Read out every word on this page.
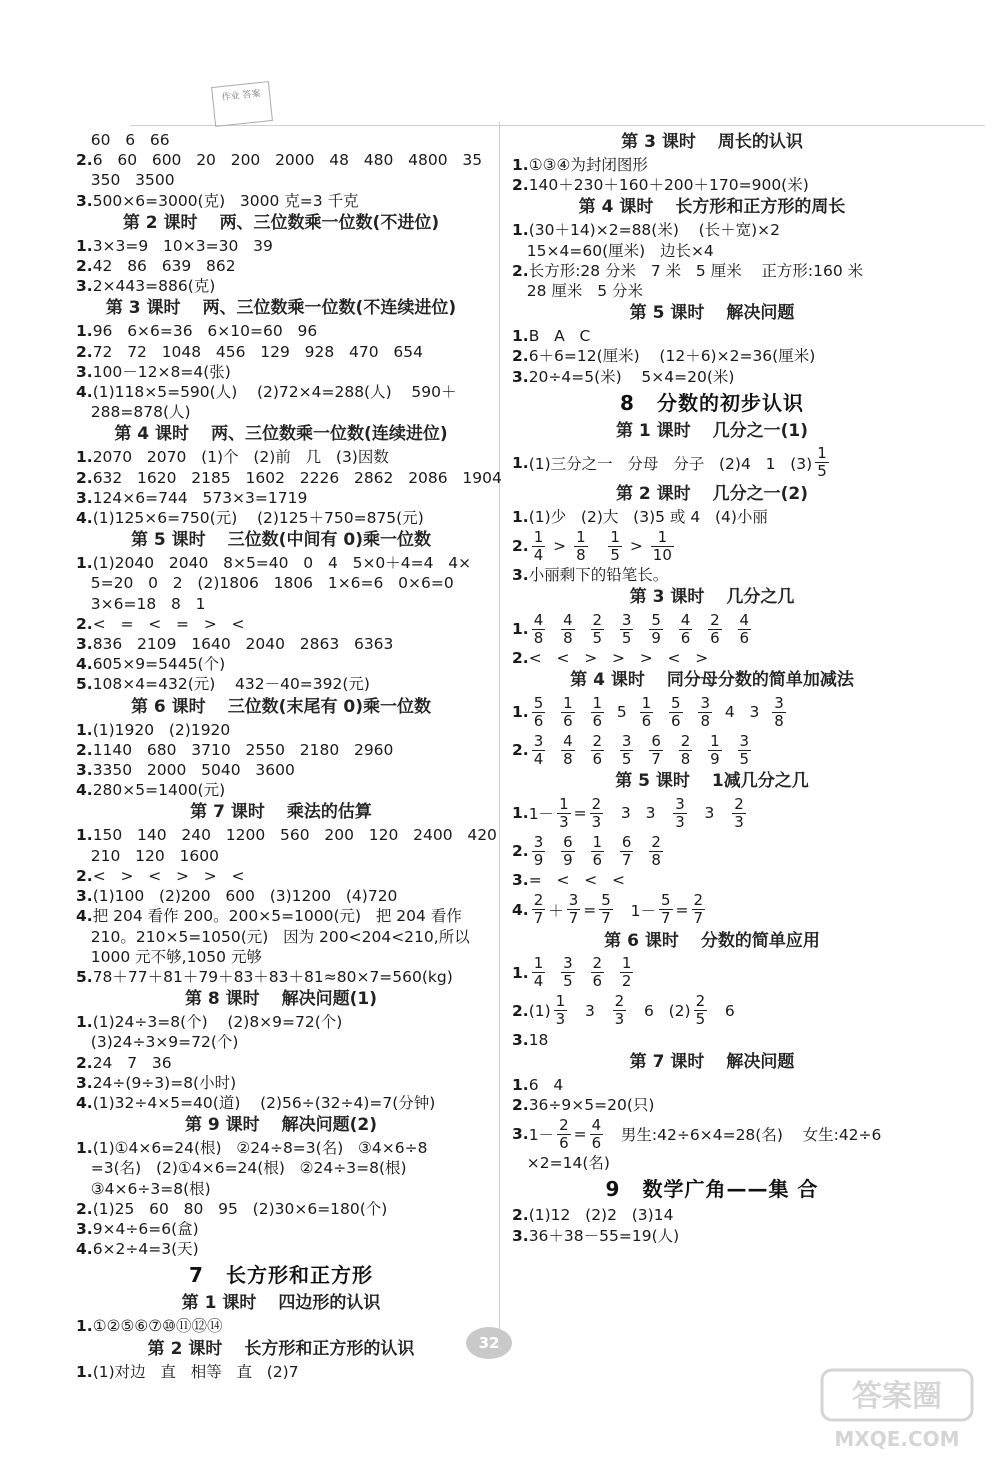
作业 答案
60   6   66
2.6   60   600   20   200   2000   48   480   4800   35
350   3500
3.500×6=3000(克)   3000 克=3 千克
第 2 课时 两、三位数乘一位数(不进位)
1.3×3=9   10×3=30   39
2.42   86   639   862
3.2×443=886(克)
第 3 课时 两、三位数乘一位数(不连续进位)
1.96   6×6=36   6×10=60   96
2.72   72   1048   456   129   928   470   654
3.100－12×8=4(张)
4.(1)118×5=590(人)    (2)72×4=288(人)    590＋
288=878(人)
第 4 课时 两、三位数乘一位数(连续进位)
1.2070   2070   (1)个   (2)前   几   (3)因数
2.632   1620   2185   1602   2226   2862   2086   1904
3.124×6=744   573×3=1719
4.(1)125×6=750(元)    (2)125＋750=875(元)
第 5 课时 三位数(中间有 0)乘一位数
1.(1)2040   2040   8×5=40   0   4   5×0＋4=4   4×
5=20   0   2   (2)1806   1806   1×6=6   0×6=0
3×6=18   8   1
2.<   =   <   =   >   <
3.836   2109   1640   2040   2863   6363
4.605×9=5445(个)
5.108×4=432(元)    432－40=392(元)
第 6 课时 三位数(末尾有 0)乘一位数
1.(1)1920   (2)1920
2.1140   680   3710   2550   2180   2960
3.3350   2000   5040   3600
4.280×5=1400(元)
第 7 课时 乘法的估算
1.150   140   240   1200   560   200   120   2400   420
210   120   1600
2.<   >   <   >   >   <
3.(1)100   (2)200   600   (3)1200   (4)720
4.把 204 看作 200。200×5=1000(元)   把 204 看作
210。210×5=1050(元)   因为 200<204<210,所以
1000 元不够,1050 元够
5.78＋77＋81＋79＋83＋83＋81≈80×7=560(kg)
第 8 课时 解决问题(1)
1.(1)24÷3=8(个)    (2)8×9=72(个)
(3)24÷3×9=72(个)
2.24   7   36
3.24÷(9÷3)=8(小时)
4.(1)32÷4×5=40(道)    (2)56÷(32÷4)=7(分钟)
第 9 课时 解决问题(2)
1.(1)①4×6=24(根)   ②24÷8=3(名)   ③4×6÷8
=3(名)   (2)①4×6=24(根)   ②24÷3=8(根)
③4×6÷3=8(根)
2.(1)25   60   80   95   (2)30×6=180(个)
3.9×4÷6=6(盒)
4.6×2÷4=3(天)
7 长方形和正方形
第 1 课时 四边形的认识
1.①②⑤⑥⑦⑩⑪⑫⑭
第 2 课时 长方形和正方形的认识
1.(1)对边   直   相等   直   (2)7
第 3 课时 周长的认识
1.①③④为封闭图形
2.140＋230＋160＋200＋170=900(米)
第 4 课时 长方形和正方形的周长
1.(30＋14)×2=88(米)    (长＋宽)×2
15×4=60(厘米)   边长×4
2.长方形:28 分米   7 米   5 厘米    正方形:160 米
28 厘米   5 分米
第 5 课时 解决问题
1.B   A   C
2.6＋6=12(厘米)    (12＋6)×2=36(厘米)
3.20÷4=5(米)    5×4=20(米)
8 分数的初步认识
第 1 课时 几分之一(1)
1. (1)三分之一   分母   分子   (2)4   1   $(3) \frac{1}{5}$
第 2 课时 几分之一(2)
1.(1)少   (2)大   (3)5 或 4   (4)小丽
2. $\frac{1}{4} > \frac{1}{8}$
$\frac{1}{5} > \frac{1}{10}$
3.小丽剩下的铅笔长。
第 3 课时 几分之几
1. $\frac{4}{8}$
$\frac{4}{8}$
$\frac{2}{5}$
$\frac{3}{5}$
$\frac{5}{9}$
$\frac{4}{6}$
$\frac{2}{6}$
$\frac{4}{6}$
2.<   <   >   >   >   <   >
第 4 课时 同分母分数的简单加减法
1. $\frac{5}{6}$
$\frac{1}{6}$
$\frac{1}{6} 5 \frac{1}{6}$
$\frac{5}{6}$
$\frac{3}{8} 4$   $3 \frac{3}{8}$
2. $\frac{3}{4}$
$\frac{4}{8}$
$\frac{2}{6}$
$\frac{3}{5}$
$\frac{6}{7}$
$\frac{2}{8}$
$\frac{1}{9}$
$\frac{3}{5}$
第 5 课时 1减几分之几
1. $1- \frac{1}{3} = \frac{2}{3} 3$   $3 \frac{3}{3} 3 \frac{2}{3}$
2. $\frac{3}{9}$
$\frac{6}{9}$
$\frac{1}{6}$
$\frac{6}{7}$
$\frac{2}{8}$
3.=   <   <   <
4. $\frac{2}{7} + \frac{3}{7} = \frac{5}{7} 1- \frac{5}{7} = \frac{2}{7}$
第 6 课时 分数的简单应用
1. $\frac{1}{4}$
$\frac{3}{5}$
$\frac{2}{6}$
$\frac{1}{2}$
2. $(1) \frac{1}{3} 3 \frac{2}{3} 6$   $(2) \frac{2}{5} 6$
3.18
第 7 课时 解决问题
1.6   4
2.36÷9×5=20(只)
3. $1- \frac{2}{6} = \frac{4}{6}$ 男生:42÷6×4=28(名)    女生:42÷6
×2=14(名)
9 数学广角——集 合
2.(1)12   (2)2   (3)14
3.36＋38－55=19(人)
32
答案圈
MXQE.COM
